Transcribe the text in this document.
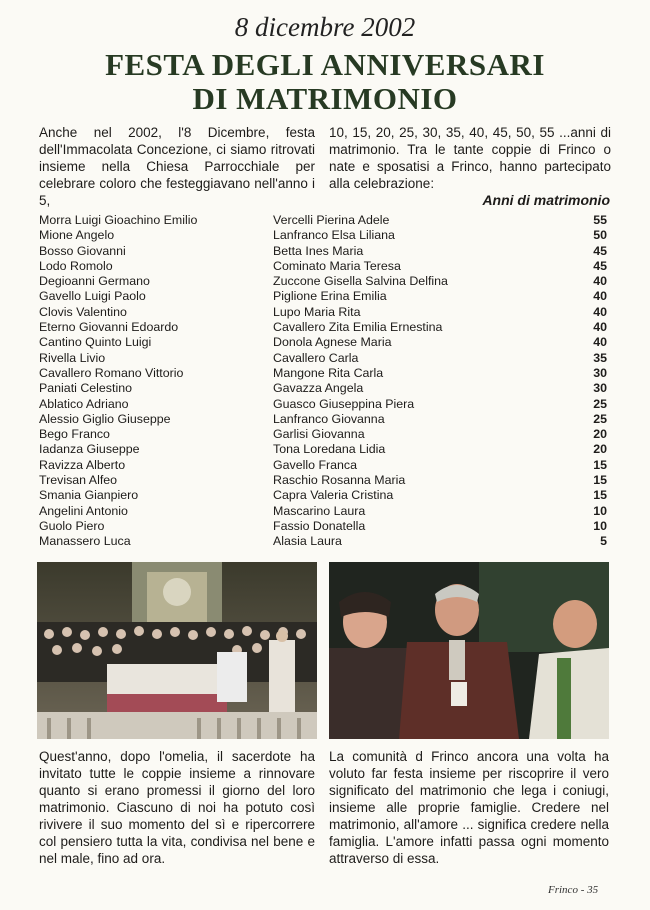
8 dicembre 2002
FESTA DEGLI ANNIVERSARI
DI MATRIMONIO

Anche nel 2002, l'8 Dicembre, festa dell'Immacolata Concezione, ci siamo ritrovati insieme nella Chiesa Parrocchiale per celebrare coloro che festeggiavano nell'anno i 5,

10, 15, 20, 25, 30, 35, 40, 45, 50, 55 ...anni di matrimonio. Tra le tante coppie di Frinco o nate e sposatisi a Frinco, hanno partecipato alla celebrazione:

Anni di matrimonio
Morra Luigi Gioachino Emilio	Vercelli Pierina Adele	55
Mione Angelo	Lanfranco Elsa Liliana	50
Bosso Giovanni	Betta Ines Maria	45
Lodo Romolo	Cominato Maria Teresa	45
Degioanni Germano	Zuccone Gisella Salvina Delfina	40
Gavello Luigi Paolo	Piglione Erina Emilia	40
Clovis Valentino	Lupo Maria Rita	40
Eterno Giovanni Edoardo	Cavallero Zita Emilia Ernestina	40
Cantino Quinto Luigi	Donola Agnese Maria	40
Rivella Livio	Cavallero Carla	35
Cavallero Romano Vittorio	Mangone Rita Carla	30
Paniati Celestino	Gavazza Angela	30
Ablatico Adriano	Guasco Giuseppina Piera	25
Alessio Giglio Giuseppe	Lanfranco Giovanna	25
Bego Franco	Garlisi Giovanna	20
Iadanza Giuseppe	Tona Loredana Lidia	20
Ravizza Alberto	Gavello Franca	15
Trevisan Alfeo	Raschio Rosanna Maria	15
Smania Gianpiero	Capra Valeria Cristina	15
Angelini Antonio	Mascarino Laura	10
Guolo Piero	Fassio Donatella	10
Manassero Luca	Alasia Laura	5

Quest'anno, dopo l'omelia, il sacerdote ha invitato tutte le coppie insieme a rinnovare quanto si erano promessi il giorno del loro matrimonio. Ciascuno di noi ha potuto così rivivere il suo momento del sì e ripercorrere col pensiero tutta la vita, condivisa nel bene e nel male, fino ad ora.

La comunità d Frinco ancora una volta ha voluto far festa insieme per riscoprire il vero significato del matrimonio che lega i coniugi, insieme alle proprie famiglie. Credere nel matrimonio, all'amore ... significa credere nella famiglia. L'amore infatti passa ogni momento attraverso di essa.

Frinco - 35
